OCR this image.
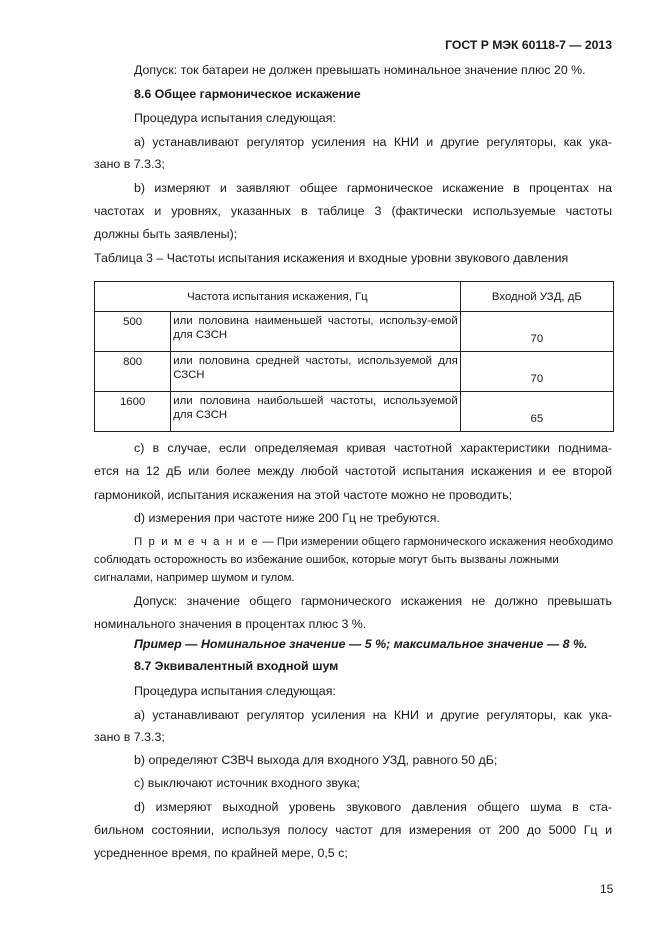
ГОСТ Р МЭК 60118-7 — 2013
Допуск: ток батареи не должен превышать номинальное значение плюс 20 %.
8.6 Общее гармоническое искажение
Процедура испытания следующая:
а) устанавливают регулятор усиления на КНИ и другие регуляторы, как ука-
зано в 7.3.3;
b) измеряют и заявляют общее гармоническое искажение в процентах на
частотах и уровнях, указанных в таблице 3 (фактически используемые частоты
должны быть заявлены);
Таблица 3 – Частоты испытания искажения и входные уровни звукового давления
Частота испытания искажения, Гц		Входной УЗД, дБ
500	или половина наименьшей частоты, использу-емой для СЗСН	70
800	или половина средней частоты, используемой для СЗСН	70
1600	или половина наибольшей частоты, используемой для СЗСН	65
с) в случае, если определяемая кривая частотной характеристики поднима-
ется на 12 дБ или более между любой частотой испытания искажения и ее второй
гармоникой, испытания искажения на этой частоте можно не проводить;
d) измерения при частоте ниже 200 Гц не требуются.
П р и м е ч а н и е — При измерении общего гармонического искажения необходимо
соблюдать осторожность во избежание ошибок, которые могут быть вызваны ложными
сигналами, например шумом и гулом.
Допуск: значение общего гармонического искажения не должно превышать
номинального значения в процентах плюс 3 %.
Пример — Номинальное значение — 5 %; максимальное значение — 8 %.
8.7 Эквивалентный входной шум
Процедура испытания следующая:
а) устанавливают регулятор усиления на КНИ и другие регуляторы, как ука-
зано в 7.3.3;
b) определяют СЗВЧ выхода для входного УЗД, равного 50 дБ;
с) выключают источник входного звука;
d) измеряют выходной уровень звукового давления общего шума в ста-
бильном состоянии, используя полосу частот для измерения от 200 до 5000 Гц и
усредненное время, по крайней мере, 0,5 с;
15
